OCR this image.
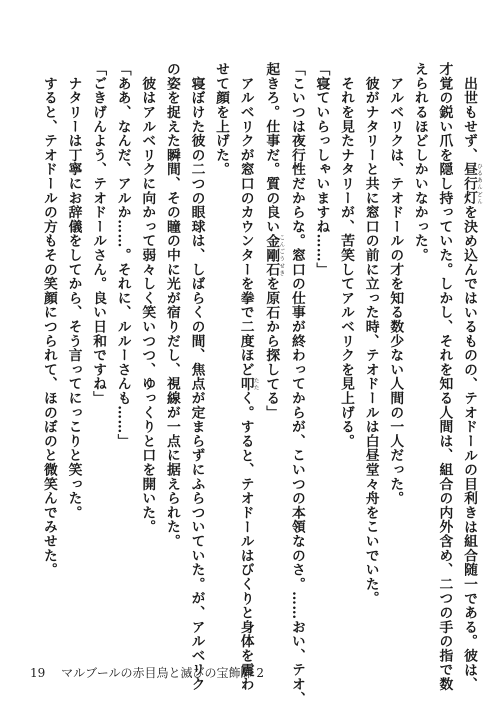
　出世もせず、昼行灯 ひるあんどんを決め込んではいるものの、テオドールの目利きは組合随一である。彼は、
才覚の鋭い爪を隠し持っていた。しかし、それを知る人間は、組合の内外含め、二つの手の指で数
えられるほどしかいなかった。
　アルベリクは、テオドールの才を知る数少ない人間の一人だった。
　彼がナタリーと共に窓口の前に立った時、テオドールは白昼堂々舟をこいでいた。
　それを見たナタリーが、苦笑してアルベリクを見上げる。
「寝ていらっしゃいますね……」
「こいつは夜行性だからな。窓口の仕事が終わってからが、こいつの本領なのさ。……おい、テオ、
起きろ。仕事だ。質の良い金剛石 こんごうせきを原石から探してる」
　アルベリクが窓口のカウンターを拳で二度ほど叩 たたく。すると、テオドールはびくりと身体を震わ
せて顔を上げた。
　寝ぼけた彼の二つの眼球は、しばらくの間、焦点が定まらずにふらついていた。が、アルベリク
の姿を捉えた瞬間、その瞳の中に光が宿りだし、視線が一点に据えられた。
　彼はアルベリクに向かって弱々しく笑いつつ、ゆっくりと口を開いた。
「ああ、なんだ、アルか……。それに、ルルーさんも……」
「ごきげんよう、テオドールさん。良い日和ですね」
　ナタリーは丁寧にお辞儀をしてから、そう言ってにっこりと笑った。
　すると、テオドールの方もその笑顔につられて、ほのぼのと微笑んでみせた。
19 マルブールの赤目烏と滅びの宝飾師 2
